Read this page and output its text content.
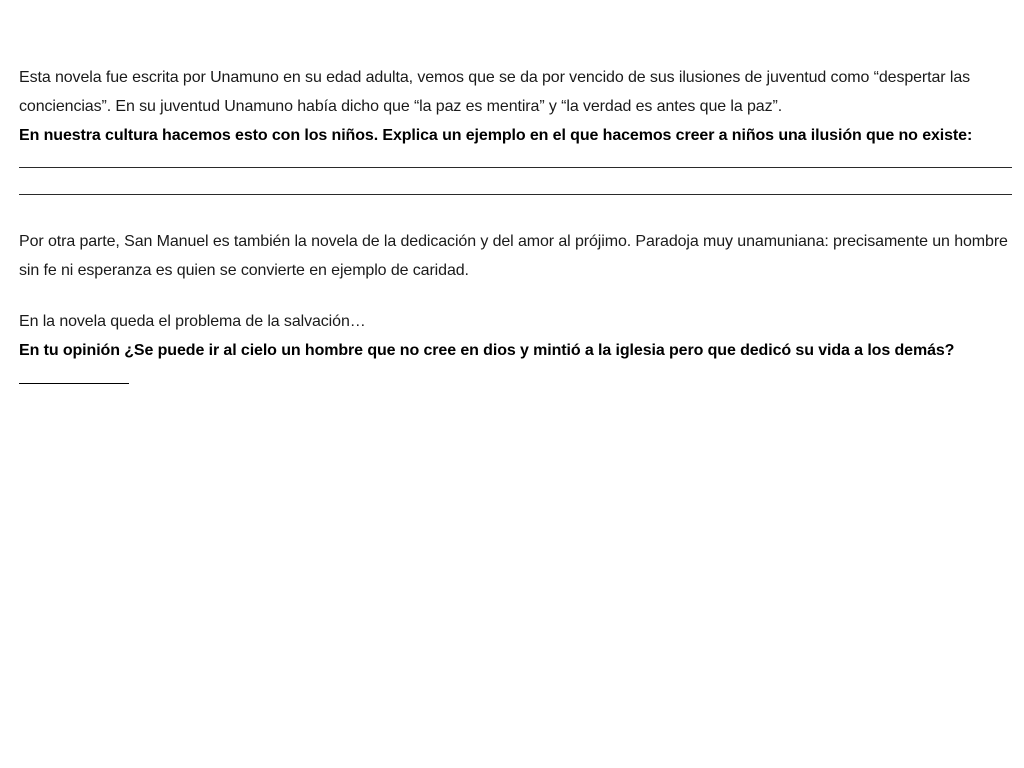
Esta novela fue escrita por Unamuno en su edad adulta, vemos que se da por vencido de sus ilusiones de juventud como “despertar las conciencias”. En su juventud Unamuno había dicho que “la paz es mentira” y “la verdad es antes que la paz”.

En nuestra cultura hacemos esto con los niños. Explica un ejemplo en el que hacemos creer a niños una ilusión que no existe:

Por otra parte, San Manuel es también la novela de la dedicación y del amor al prójimo. Paradoja muy unamuniana: precisamente un hombre sin fe ni esperanza es quien se convierte en ejemplo de caridad.

En la novela queda el problema de la salvación…

En tu opinión ¿Se puede ir al cielo un hombre que no cree en dios y mintió a la iglesia pero que dedicó su vida a los demás?
